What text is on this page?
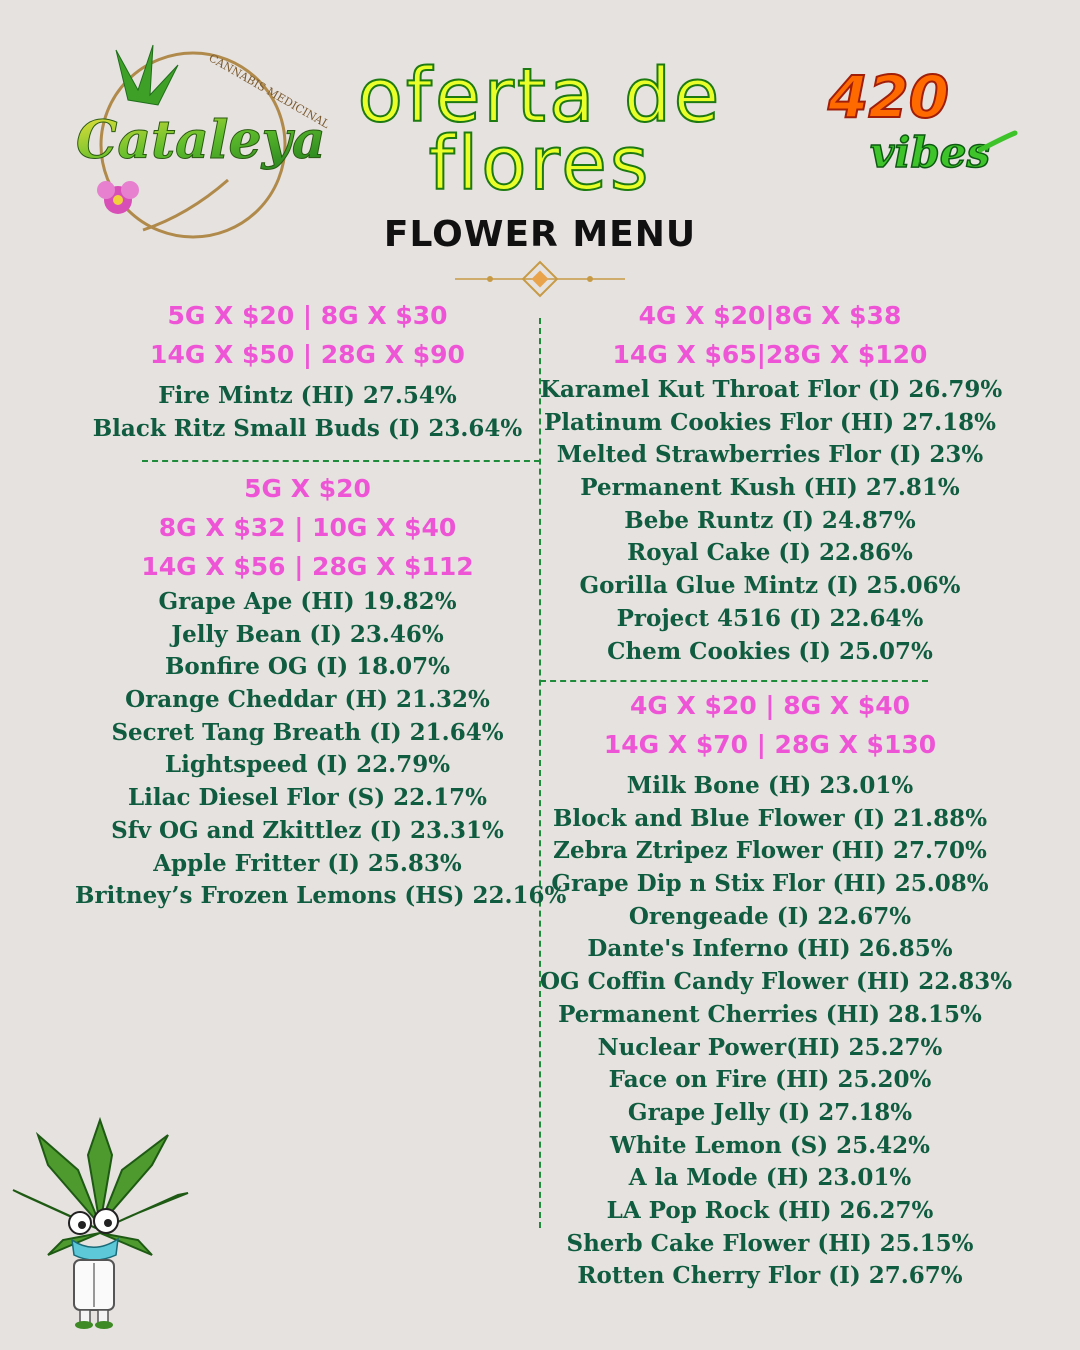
Cataleya
CANNABIS MEDICINAL oferta de
flores
420
vibes
FLOWER MENU
5G X $20 | 8G X $30
14G X $50 | 28G X $90
Fire Mintz (HI) 27.54%
Black Ritz Small Buds (I) 23.64%
5G X $20
8G X $32 | 10G X $40
14G X $56 | 28G X $112
Grape Ape (HI) 19.82%
Jelly Bean (I) 23.46%
Bonfire OG (I) 18.07%
Orange Cheddar (H) 21.32%
Secret Tang Breath (I) 21.64%
Lightspeed (I) 22.79%
Lilac Diesel Flor (S) 22.17%
Sfv OG and Zkittlez (I) 23.31%
Apple Fritter (I) 25.83%
Britney’s Frozen Lemons (HS) 22.16%
4G X $20|8G X $38
14G X $65|28G X $120
Karamel Kut Throat Flor (I) 26.79%
Platinum Cookies Flor (HI) 27.18%
Melted Strawberries Flor (I) 23%
Permanent Kush (HI) 27.81%
Bebe Runtz (I) 24.87%
Royal Cake (I) 22.86%
Gorilla Glue Mintz (I) 25.06%
Project 4516 (I) 22.64%
Chem Cookies (I) 25.07%
4G X $20 | 8G X $40
14G X $70 | 28G X $130
Milk Bone (H) 23.01%
Block and Blue Flower (I) 21.88%
Zebra Ztripez Flower (HI) 27.70%
Grape Dip n Stix Flor (HI) 25.08%
Orengeade (I) 22.67%
Dante's Inferno (HI) 26.85%
OG Coffin Candy Flower (HI) 22.83%
Permanent Cherries (HI) 28.15%
Nuclear Power(HI) 25.27%
Face on Fire (HI) 25.20%
Grape Jelly (I) 27.18%
White Lemon (S) 25.42%
A la Mode (H) 23.01%
LA Pop Rock (HI) 26.27%
Sherb Cake Flower (HI) 25.15%
Rotten Cherry Flor (I) 27.67%
